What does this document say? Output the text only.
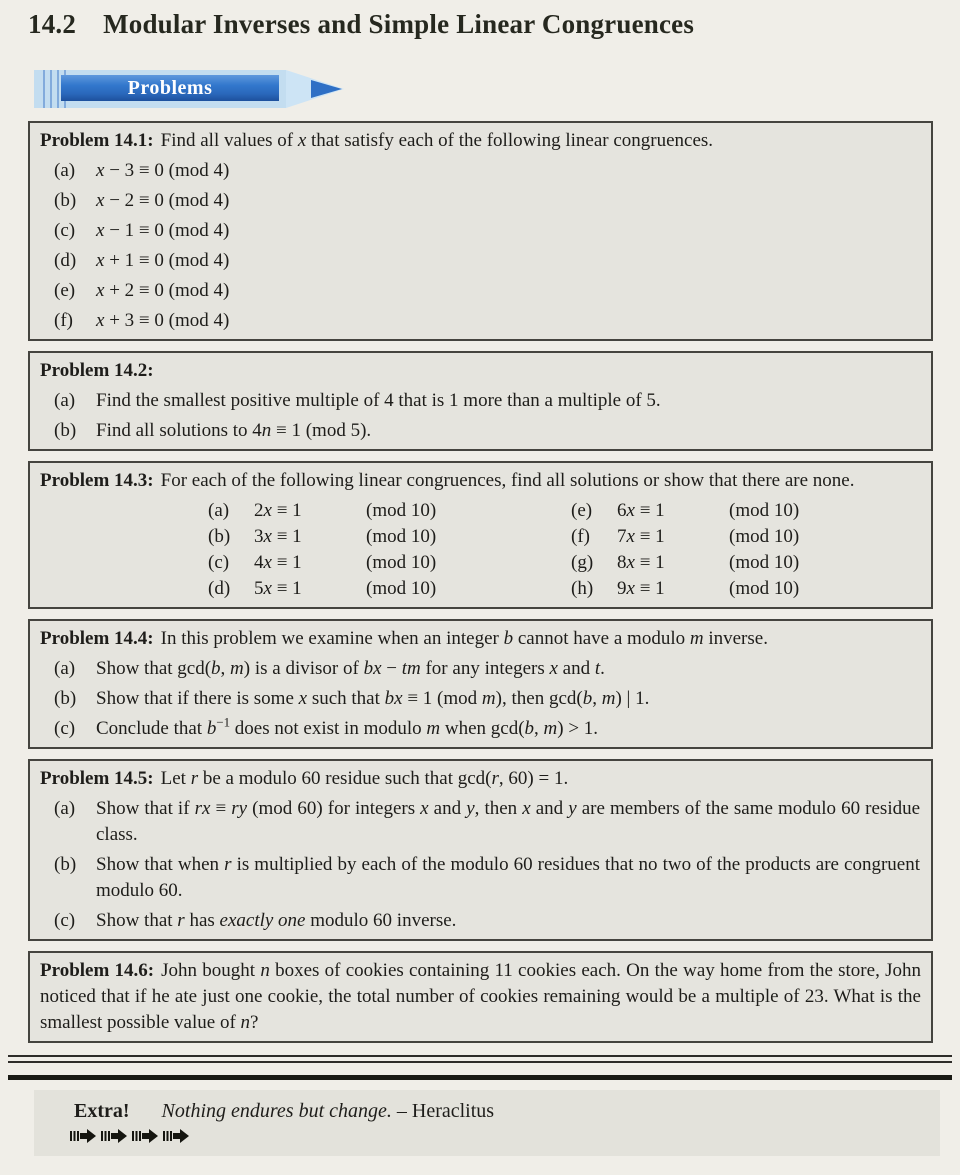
14.2 Modular Inverses and Simple Linear Congruences
Problems

Problem 14.1: Find all values of x that satisfy each of the following linear congruences.

(a)	x − 3 ≡ 0 (mod 4)
(b)	x − 2 ≡ 0 (mod 4)
(c)	x − 1 ≡ 0 (mod 4)
(d)	x + 1 ≡ 0 (mod 4)
(e)	x + 2 ≡ 0 (mod 4)
(f)	x + 3 ≡ 0 (mod 4)

Problem 14.2:

(a)	Find the smallest positive multiple of 4 that is 1 more than a multiple of 5.
(b)	Find all solutions to 4n ≡ 1 (mod 5).

Problem 14.3: For each of the following linear congruences, find all solutions or show that there are none.

(a)	2x ≡ 1	(mod 10)	(e)	6x ≡ 1	(mod 10)
(b)	3x ≡ 1	(mod 10)	(f)	7x ≡ 1	(mod 10)
(c)	4x ≡ 1	(mod 10)	(g)	8x ≡ 1	(mod 10)
(d)	5x ≡ 1	(mod 10)	(h)	9x ≡ 1	(mod 10)

Problem 14.4: In this problem we examine when an integer b cannot have a modulo m inverse.

(a)	Show that gcd(b, m) is a divisor of bx − tm for any integers x and t.
(b)	Show that if there is some x such that bx ≡ 1 (mod m), then gcd(b, m) | 1.
(c)	Conclude that $b^{-1}$ does not exist in modulo m when gcd(b, m) > 1.

Problem 14.5: Let r be a modulo 60 residue such that gcd(r, 60) = 1.

(a)	Show that if rx ≡ ry (mod 60) for integers x and y, then x and y are members of the same modulo 60 residue class.
(b)	Show that when r is multiplied by each of the modulo 60 residues that no two of the products are congruent modulo 60.
(c)	Show that r has exactly one modulo 60 inverse.

Problem 14.6: John bought n boxes of cookies containing 11 cookies each. On the way home from the store, John noticed that if he ate just one cookie, the total number of cookies remaining would be a multiple of 23. What is the smallest possible value of n?

Extra! Nothing endures but change. – Heraclitus
